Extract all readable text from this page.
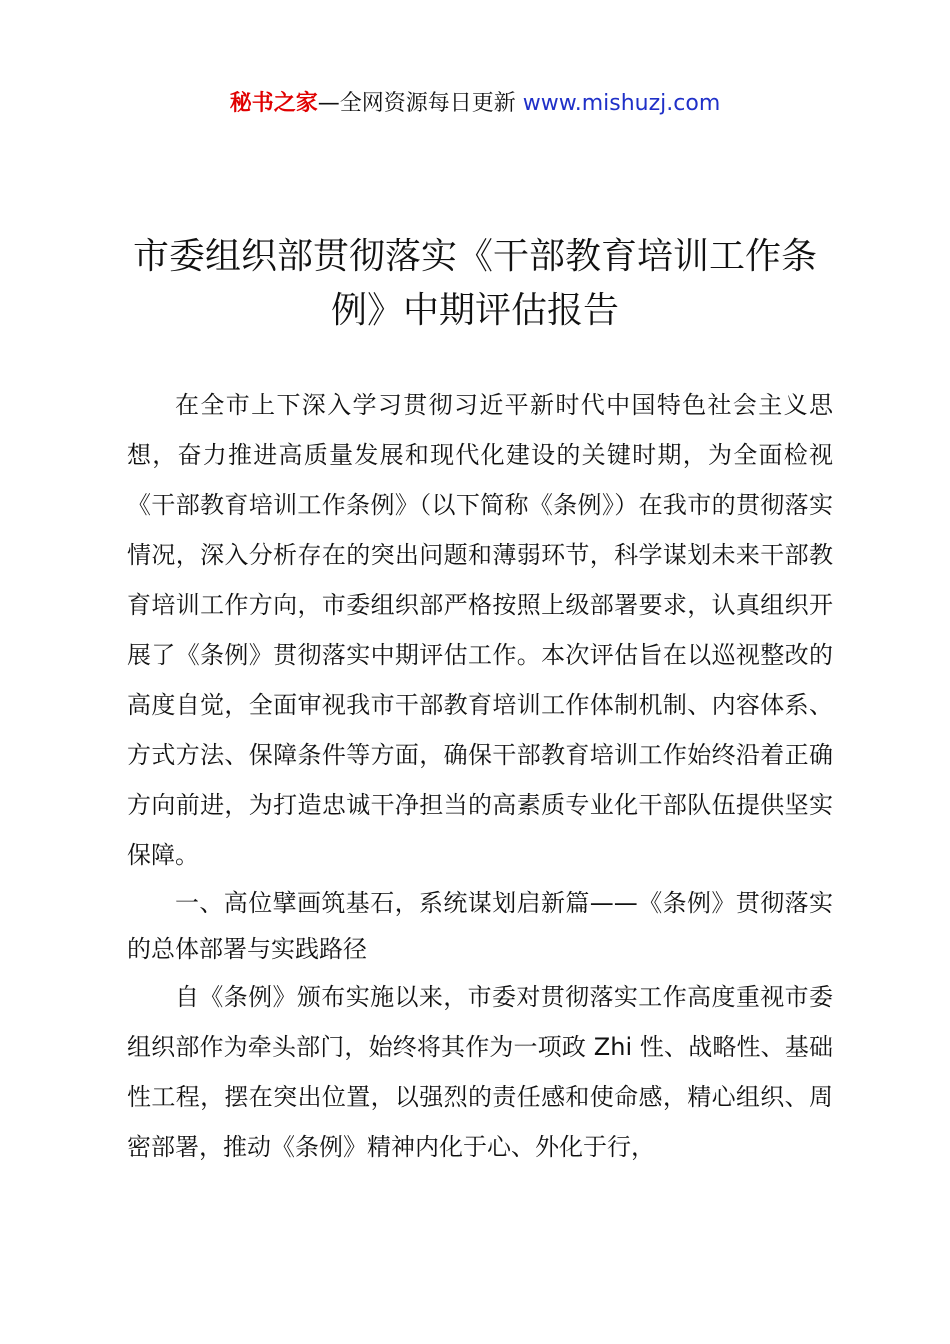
秘书之家—全网资源每日更新 www.mishuzj.com
市委组织部贯彻落实《干部教育培训工作条例》中期评估报告

在全市上下深入学习贯彻习近平新时代中国特色社会主义思想，奋力推进高质量发展和现代化建设的关键时期，为全面检视《干部教育培训工作条例》（以下简称《条例》）在我市的贯彻落实情况，深入分析存在的突出问题和薄弱环节，科学谋划未来干部教育培训工作方向，市委组织部严格按照上级部署要求，认真组织开展了《条例》贯彻落实中期评估工作。本次评估旨在以巡视整改的高度自觉，全面审视我市干部教育培训工作体制机制、内容体系、方式方法、保障条件等方面，确保干部教育培训工作始终沿着正确方向前进，为打造忠诚干净担当的高素质专业化干部队伍提供坚实保障。

一、高位擘画筑基石，系统谋划启新篇——《条例》贯彻落实的总体部署与实践路径

自《条例》颁布实施以来，市委对贯彻落实工作高度重视市委组织部作为牵头部门，始终将其作为一项政 Zhi 性、战略性、基础性工程，摆在突出位置，以强烈的责任感和使命感，精心组织、周密部署，推动《条例》精神内化于心、外化于行，
